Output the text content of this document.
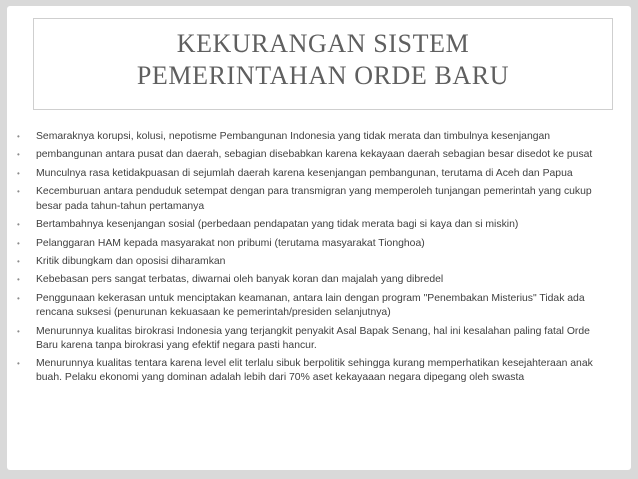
KEKURANGAN SISTEM
PEMERINTAHAN ORDE BARU
•	Semaraknya korupsi, kolusi, nepotisme Pembangunan Indonesia yang tidak merata dan timbulnya kesenjangan
•	pembangunan antara pusat dan daerah, sebagian disebabkan karena kekayaan daerah sebagian besar disedot ke pusat
•	Munculnya rasa ketidakpuasan di sejumlah daerah karena kesenjangan pembangunan, terutama di Aceh dan Papua
•	Kecemburuan antara penduduk setempat dengan para transmigran yang memperoleh tunjangan pemerintah yang cukup besar pada tahun-tahun pertamanya
•	Bertambahnya kesenjangan sosial (perbedaan pendapatan yang tidak merata bagi si kaya dan si miskin)
•	Pelanggaran HAM kepada masyarakat non pribumi (terutama masyarakat Tionghoa)
•	Kritik dibungkam dan oposisi diharamkan
•	Kebebasan pers sangat terbatas, diwarnai oleh banyak koran dan majalah yang dibredel
•	Penggunaan kekerasan untuk menciptakan keamanan, antara lain dengan program "Penembakan Misterius" Tidak ada rencana suksesi (penurunan kekuasaan ke pemerintah/presiden selanjutnya)
•	Menurunnya kualitas birokrasi Indonesia yang terjangkit penyakit Asal Bapak Senang, hal ini kesalahan paling fatal Orde Baru karena tanpa birokrasi yang efektif negara pasti hancur.
•	Menurunnya kualitas tentara karena level elit terlalu sibuk berpolitik sehingga kurang memperhatikan kesejahteraan anak buah. Pelaku ekonomi yang dominan adalah lebih dari 70% aset kekayaaan negara dipegang oleh swasta
